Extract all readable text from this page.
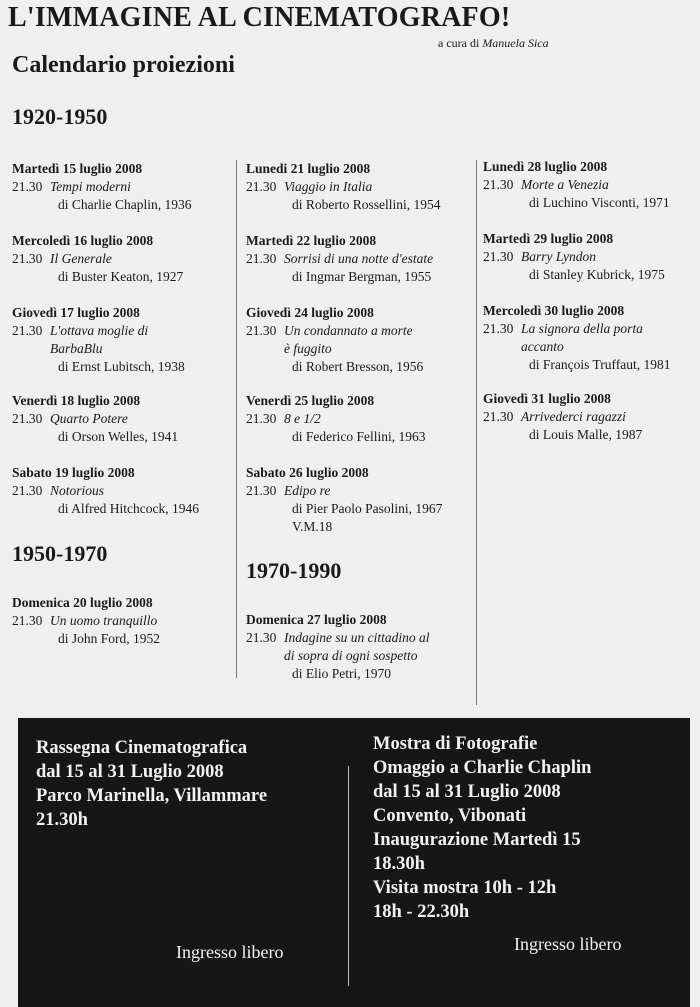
L'IMMAGINE AL CINEMATOGRAFO!
a cura di Manuela Sica
Calendario proiezioni
1920-1950
1950-1970
1970-1990
Martedì 15 luglio 2008
21.30 Tempi moderni
di Charlie Chaplin, 1936
Mercoledì 16 luglio 2008
21.30 Il Generale
di Buster Keaton, 1927
Giovedì 17 luglio 2008
21.30 L'ottava moglie di
BarbaBlu
di Ernst Lubitsch, 1938
Venerdì 18 luglio 2008
21.30 Quarto Potere
di Orson Welles, 1941
Sabato 19 luglio 2008
21.30 Notorious
di Alfred Hitchcock, 1946
Domenica 20 luglio 2008
21.30 Un uomo tranquillo
di John Ford, 1952
Lunedi 21 luglio 2008
21.30 Viaggio in Italia
di Roberto Rossellini, 1954
Martedì 22 luglio 2008
21.30 Sorrisi di una notte d'estate
di Ingmar Bergman, 1955
Giovedì 24 luglio 2008
21.30 Un condannato a morte
è fuggito
di Robert Bresson, 1956
Venerdì 25 luglio 2008
21.30 8 e 1/2
di Federico Fellini, 1963
Sabato 26 luglio 2008
21.30 Edipo re
di Pier Paolo Pasolini, 1967
V.M.18
Domenica 27 luglio 2008
21.30 Indagine su un cittadino al
di sopra di ogni sospetto
di Elio Petri, 1970
Lunedì 28 luglio 2008
21.30 Morte a Venezia
di Luchino Visconti, 1971
Martedì 29 luglio 2008
21.30 Barry Lyndon
di Stanley Kubrick, 1975
Mercoledì 30 luglio 2008
21.30 La signora della porta
accanto
di François Truffaut, 1981
Giovedì 31 luglio 2008
21.30 Arrivederci ragazzi
di Louis Malle, 1987
Rassegna Cinematografica
dal 15 al 31 Luglio 2008
Parco Marinella, Villammare
21.30h
Mostra di Fotografie
Omaggio a Charlie Chaplin
dal 15 al 31 Luglio 2008
Convento, Vibonati
Inaugurazione Martedì 15
18.30h
Visita mostra 10h - 12h
18h - 22.30h
Ingresso libero	Ingresso libero
